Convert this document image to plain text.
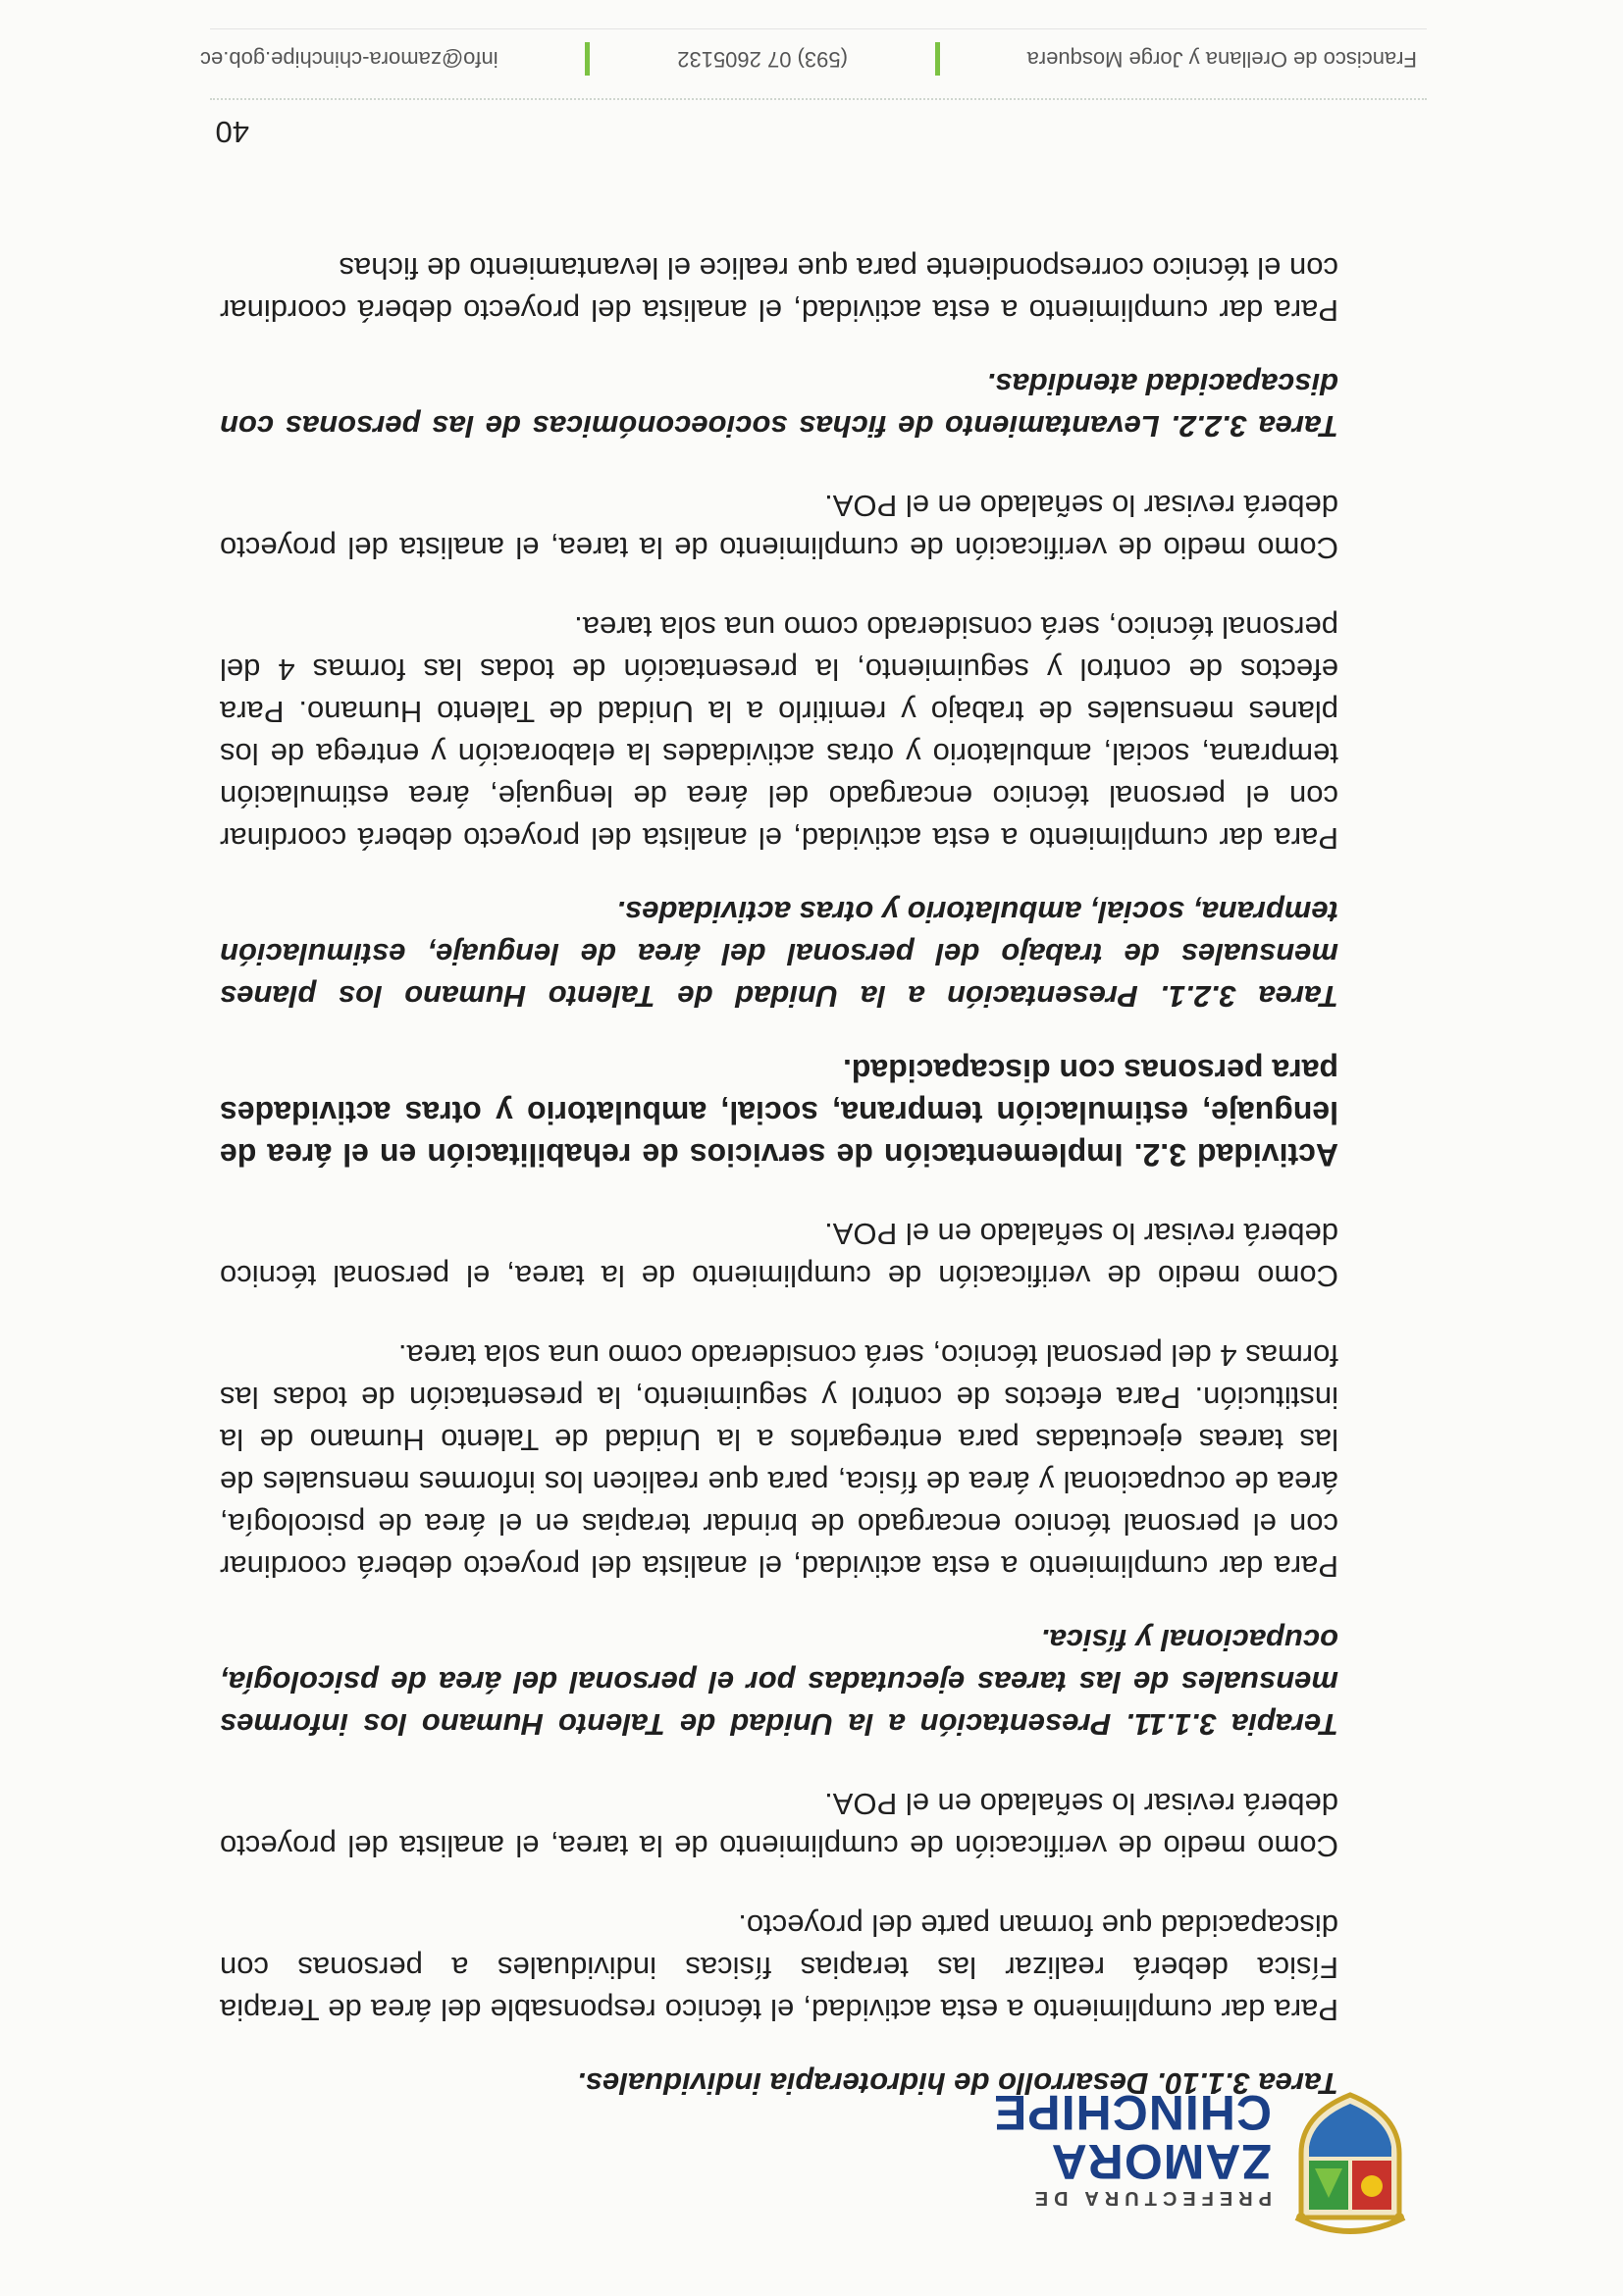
PREFECTURA DE
ZAMORA
CHINCHIPE
Tarea 3.1.10. Desarrollo de hidroterapia individuales.

Para dar cumplimiento a esta actividad, el técnico responsable del área de Terapia Física deberá realizar las terapias físicas individuales a personas con discapacidad que forman parte del proyecto.

Como medio de verificación de cumplimiento de la tarea, el analista del proyecto deberá revisar lo señalado en el POA.

Terapia 3.1.11. Presentación a la Unidad de Talento Humano los informes mensuales de las tareas ejecutadas por el personal del área de psicología, ocupacional y física.

Para dar cumplimiento a esta actividad, el analista del proyecto deberá coordinar con el personal técnico encargado de brindar terapias en el área de psicología, área de ocupacional y área de física, para que realicen los informes mensuales de las tareas ejecutadas para entregarlos a la Unidad de Talento Humano de la institución. Para efectos de control y seguimiento, la presentación de todas las formas 4 del personal técnico, será considerado como una sola tarea.

Como medio de verificación de cumplimiento de la tarea, el personal técnico deberá revisar lo señalado en el POA.

Actividad 3.2. Implementación de servicios de rehabilitación en el área de lenguaje, estimulación temprana, social, ambulatorio y otras actividades para personas con discapacidad.
Tarea 3.2.1. Presentación a la Unidad de Talento Humano los planes mensuales de trabajo del personal del área de lenguaje, estimulación temprana, social, ambulatorio y otras actividades.

Para dar cumplimiento a esta actividad, el analista del proyecto deberá coordinar con el personal técnico encargado del área de lenguaje, área estimulación temprana, social, ambulatorio y otras actividades la elaboración y entrega de los planes mensuales de trabajo y remitirlo a la Unidad de Talento Humano. Para efectos de control y seguimiento, la presentación de todas las formas 4 del personal técnico, será considerado como una sola tarea.

Como medio de verificación de cumplimiento de la tarea, el analista del proyecto deberá revisar lo señalado en el POA.

Tarea 3.2.2. Levantamiento de fichas socioeconómicas de las personas con discapacidad atendidas.

Para dar cumplimiento a esta actividad, el analista del proyecto deberá coordinar con el técnico correspondiente para que realice el levantamiento de fichas

40
Francisco de Orellana y Jorge Mosquera
(593) 07 2605132
info@zamora-chinchipe.gob.ec
